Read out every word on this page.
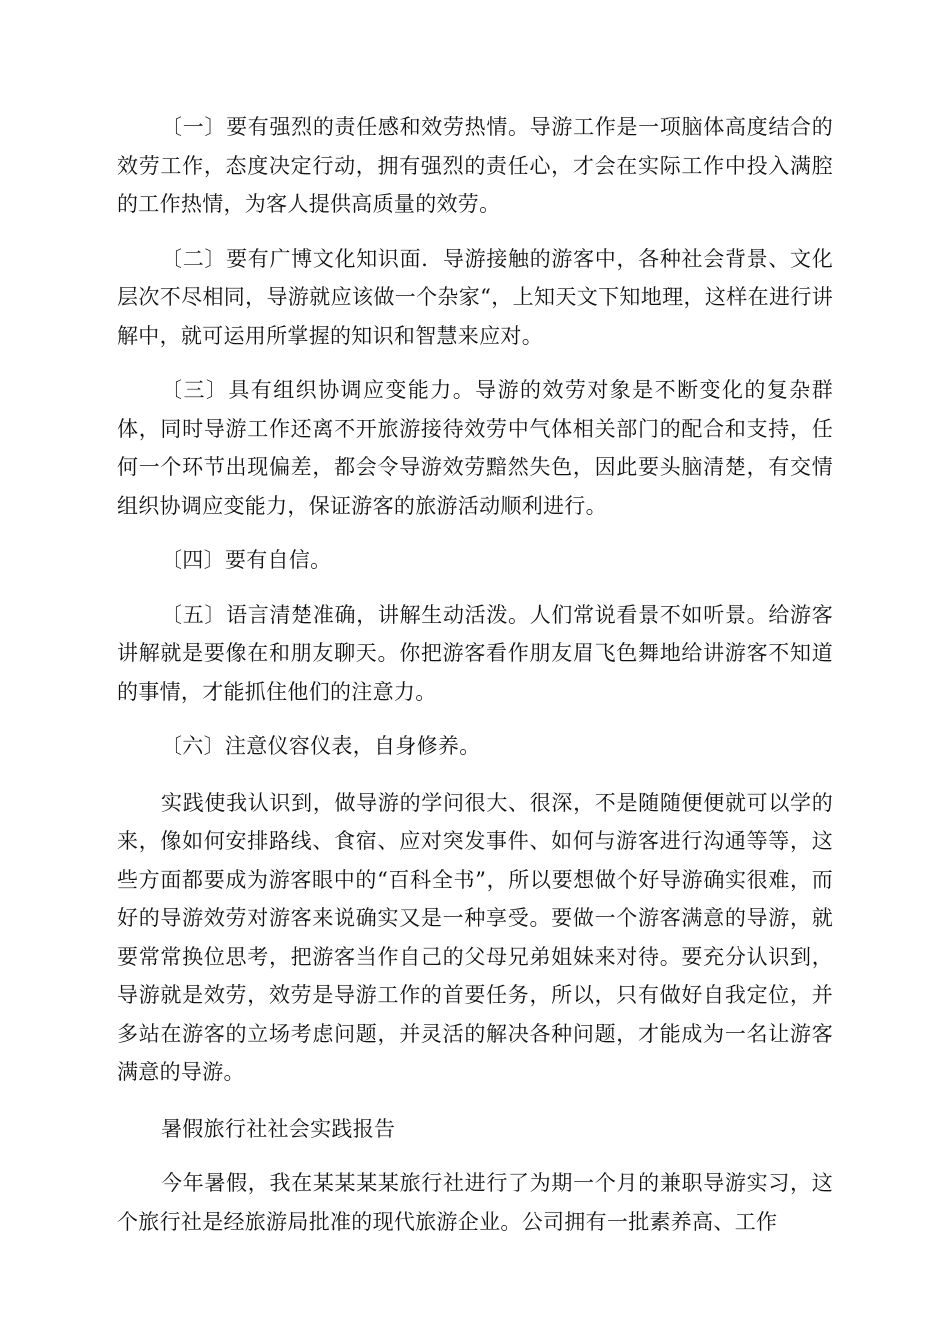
〔一〕要有强烈的责任感和效劳热情。导游工作是一项脑体高度结合的效劳工作，态度决定行动，拥有强烈的责任心，才会在实际工作中投入满腔的工作热情，为客人提供高质量的效劳。

〔二〕要有广博文化知识面．导游接触的游客中，各种社会背景、文化层次不尽相同，导游就应该做一个杂家“，上知天文下知地理，这样在进行讲解中，就可运用所掌握的知识和智慧来应对。

〔三〕具有组织协调应变能力。导游的效劳对象是不断变化的复杂群体，同时导游工作还离不开旅游接待效劳中气体相关部门的配合和支持，任何一个环节出现偏差，都会令导游效劳黯然失色，因此要头脑清楚，有交情组织协调应变能力，保证游客的旅游活动顺利进行。

〔四〕要有自信。

〔五〕语言清楚准确，讲解生动活泼。人们常说看景不如听景。给游客讲解就是要像在和朋友聊天。你把游客看作朋友眉飞色舞地给讲游客不知道的事情，才能抓住他们的注意力。

〔六〕注意仪容仪表，自身修养。

实践使我认识到，做导游的学问很大、很深，不是随随便便就可以学的来，像如何安排路线、食宿、应对突发事件、如何与游客进行沟通等等，这些方面都要成为游客眼中的“百科全书”，所以要想做个好导游确实很难，而好的导游效劳对游客来说确实又是一种享受。要做一个游客满意的导游，就要常常换位思考，把游客当作自己的父母兄弟姐妹来对待。要充分认识到，导游就是效劳，效劳是导游工作的首要任务，所以，只有做好自我定位，并多站在游客的立场考虑问题，并灵活的解决各种问题，才能成为一名让游客满意的导游。

暑假旅行社社会实践报告

今年暑假，我在某某某某旅行社进行了为期一个月的兼职导游实习，这个旅行社是经旅游局批准的现代旅游企业。公司拥有一批素养高、工作
